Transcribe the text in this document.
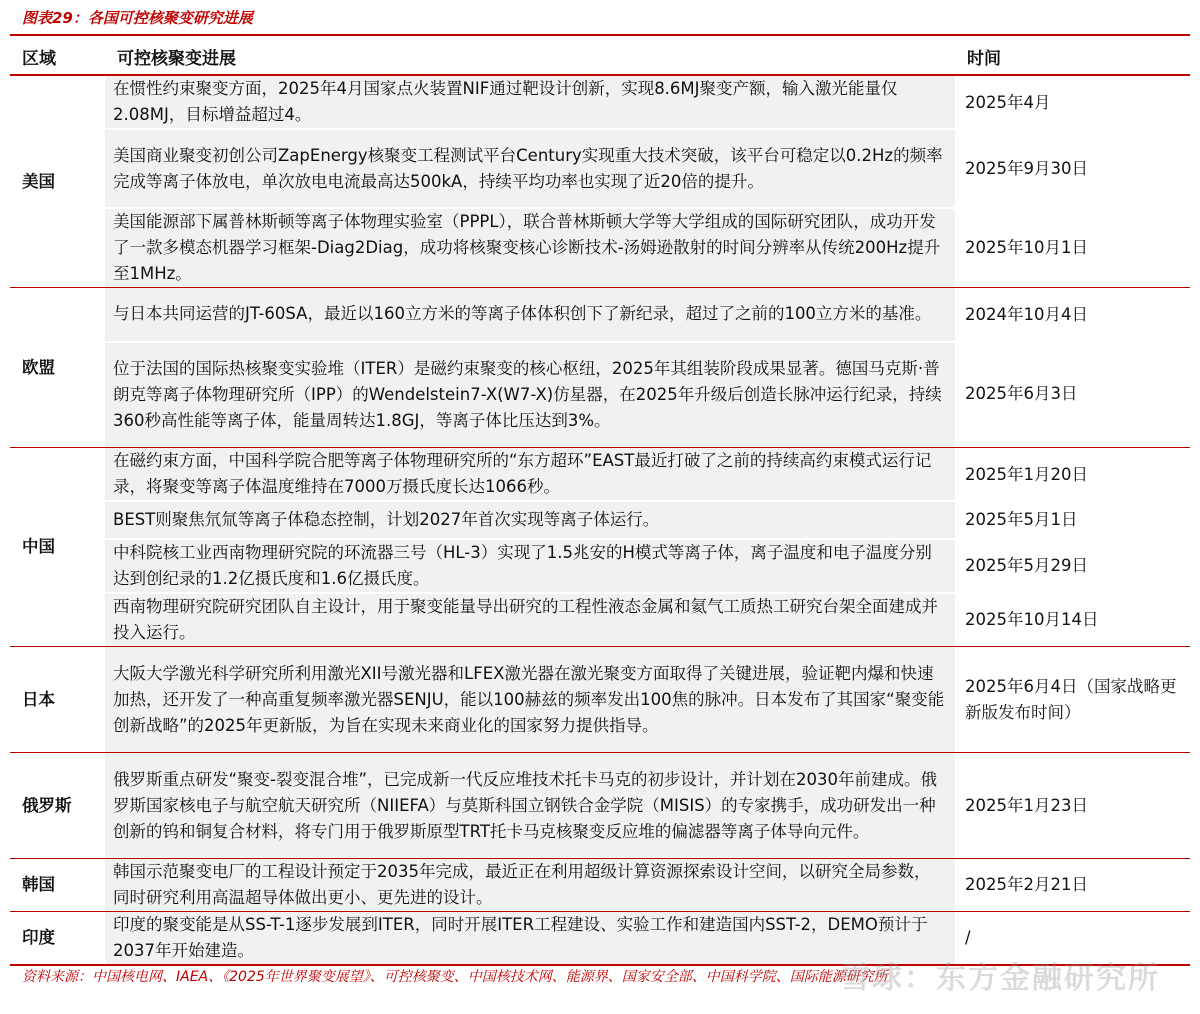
图表29：各国可控核聚变研究进展
区域	可控核聚变进展	时间
美国	在惯性约束聚变方面，2025年4月国家点火装置NIF通过靶设计创新，实现8.6MJ聚变产额，输入激光能量仅2.08MJ，目标增益超过4。	2025年4月
	美国商业聚变初创公司ZapEnergy核聚变工程测试平台Century实现重大技术突破，该平台可稳定以0.2Hz的频率完成等离子体放电，单次放电电流最高达500kA，持续平均功率也实现了近20倍的提升。	2025年9月30日
	美国能源部下属普林斯顿等离子体物理实验室（PPPL），联合普林斯顿大学等大学组成的国际研究团队，成功开发了一款多模态机器学习框架-Diag2Diag，成功将核聚变核心诊断技术-汤姆逊散射的时间分辨率从传统200Hz提升至1MHz。	2025年10月1日
欧盟	与日本共同运营的JT-60SA，最近以160立方米的等离子体体积创下了新纪录，超过了之前的100立方米的基准。	2024年10月4日
	位于法国的国际热核聚变实验堆（ITER）是磁约束聚变的核心枢纽，2025年其组装阶段成果显著。德国马克斯·普朗克等离子体物理研究所（IPP）的Wendelstein7-X(W7-X)仿星器，在2025年升级后创造长脉冲运行纪录，持续360秒高性能等离子体，能量周转达1.8GJ，等离子体比压达到3%。	2025年6月3日
中国	在磁约束方面，中国科学院合肥等离子体物理研究所的“东方超环”EAST最近打破了之前的持续高约束模式运行记录，将聚变等离子体温度维持在7000万摄氏度长达1066秒。	2025年1月20日
	BEST则聚焦氘氚等离子体稳态控制，计划2027年首次实现等离子体运行。	2025年5月1日
	中科院核工业西南物理研究院的环流器三号（HL-3）实现了1.5兆安的H模式等离子体，离子温度和电子温度分别达到创纪录的1.2亿摄氏度和1.6亿摄氏度。	2025年5月29日
	西南物理研究院研究团队自主设计，用于聚变能量导出研究的工程性液态金属和氦气工质热工研究台架全面建成并投入运行。	2025年10月14日
日本	大阪大学激光科学研究所利用激光XII号激光器和LFEX激光器在激光聚变方面取得了关键进展，验证靶内爆和快速加热，还开发了一种高重复频率激光器SENJU，能以100赫兹的频率发出100焦的脉冲。日本发布了其国家“聚变能创新战略”的2025年更新版，为旨在实现未来商业化的国家努力提供指导。	2025年6月4日（国家战略更新版发布时间）
俄罗斯	俄罗斯重点研发“聚变-裂变混合堆”，已完成新一代反应堆技术托卡马克的初步设计，并计划在2030年前建成。俄罗斯国家核电子与航空航天研究所（NIIEFA）与莫斯科国立钢铁合金学院（MISIS）的专家携手，成功研发出一种创新的钨和铜复合材料，将专门用于俄罗斯原型TRT托卡马克核聚变反应堆的偏滤器等离子体导向元件。	2025年1月23日
韩国	韩国示范聚变电厂的工程设计预定于2035年完成，最近正在利用超级计算资源探索设计空间，以研究全局参数，同时研究利用高温超导体做出更小、更先进的设计。	2025年2月21日
印度	印度的聚变能是从SS-T-1逐步发展到ITER，同时开展ITER工程建设、实验工作和建造国内SST-2，DEMO预计于2037年开始建造。	/
资料来源：中国核电网、IAEA、《2025年世界聚变展望》、可控核聚变、中国核技术网、能源界、国家安全部、中国科学院、国际能源研究所
雪球：东方金融研究所
